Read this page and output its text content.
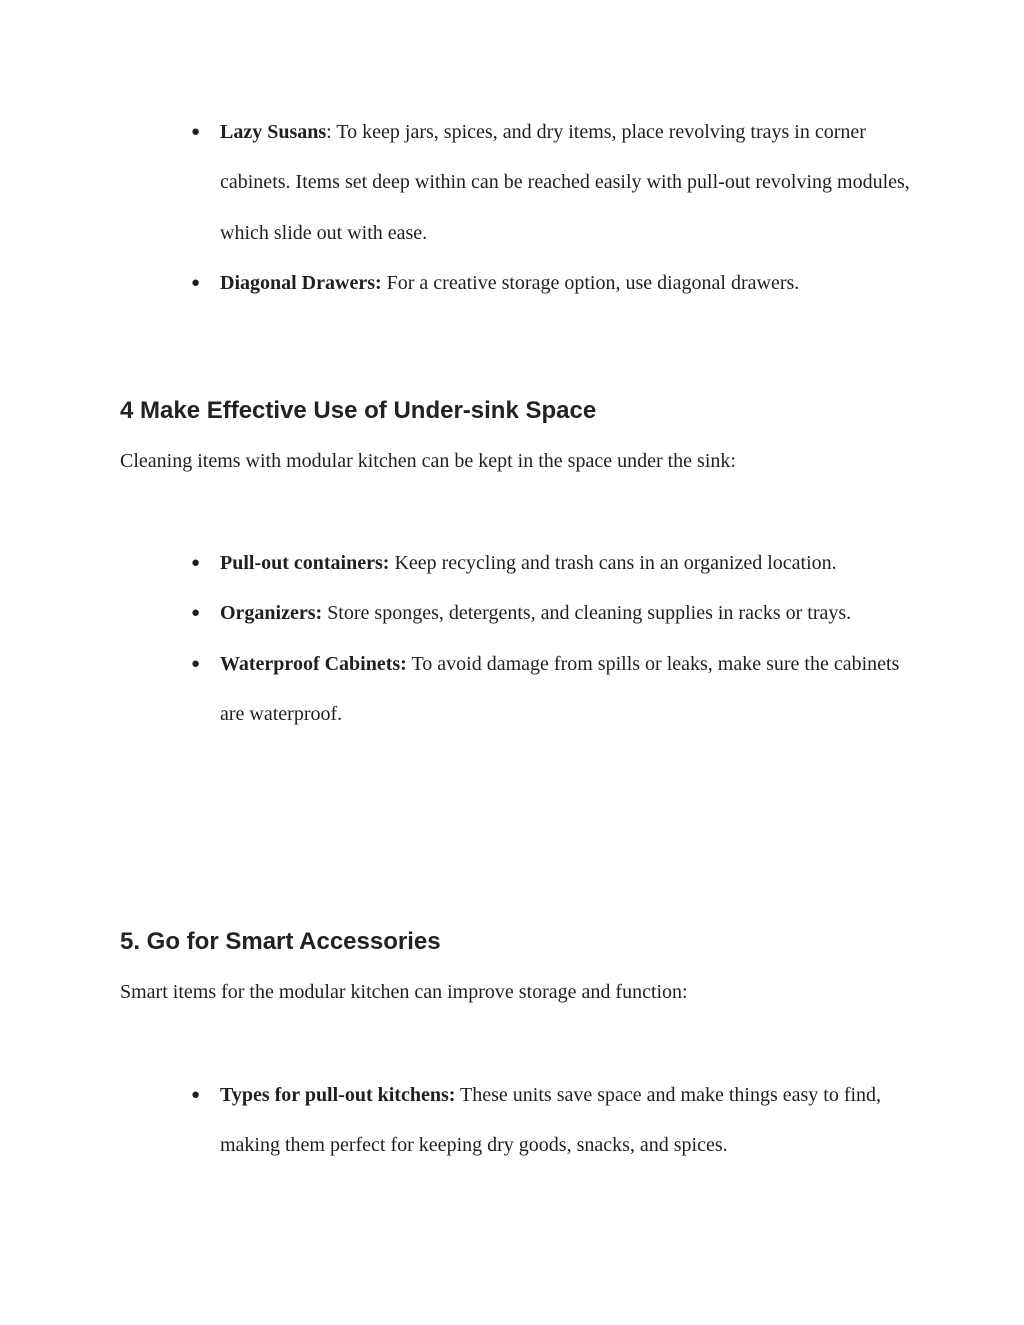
● Lazy Susans: To keep jars, spices, and dry items, place revolving trays in corner cabinets. Items set deep within can be reached easily with pull-out revolving modules, which slide out with ease.
● Diagonal Drawers: For a creative storage option, use diagonal drawers.
4 Make Effective Use of Under-sink Space

Cleaning items with modular kitchen can be kept in the space under the sink:

● Pull-out containers: Keep recycling and trash cans in an organized location.
● Organizers: Store sponges, detergents, and cleaning supplies in racks or trays.
● Waterproof Cabinets: To avoid damage from spills or leaks, make sure the cabinets are waterproof.
5. Go for Smart Accessories

Smart items for the modular kitchen can improve storage and function:

● Types for pull-out kitchens: These units save space and make things easy to find, making them perfect for keeping dry goods, snacks, and spices.
